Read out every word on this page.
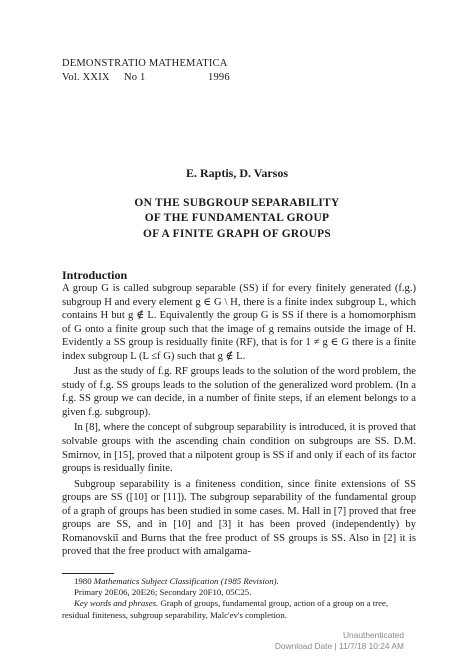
DEMONSTRATIO MATHEMATICA
Vol. XXIX No 1	1996
E. Raptis, D. Varsos
ON THE SUBGROUP SEPARABILITY
OF THE FUNDAMENTAL GROUP
OF A FINITE GRAPH OF GROUPS
Introduction

A group G is called subgroup separable (SS) if for every finitely generated (f.g.) subgroup H and every element g ∈ G \ H, there is a finite index subgroup L, which contains H but g ∉ L. Equivalently the group G is SS if there is a homomorphism of G onto a finite group such that the image of g remains outside the image of H. Evidently a SS group is residually finite (RF), that is for 1 ≠ g ∈ G there is a finite index subgroup L (L ≤f G) such that g ∉ L.

Just as the study of f.g. RF groups leads to the solution of the word problem, the study of f.g. SS groups leads to the solution of the generalized word problem. (In a f.g. SS group we can decide, in a number of finite steps, if an element belongs to a given f.g. subgroup).

In [8], where the concept of subgroup separability is introduced, it is proved that solvable groups with the ascending chain condition on subgroups are SS. D.M. Smirnov, in [15], proved that a nilpotent group is SS if and only if each of its factor groups is residually finite.

Subgroup separability is a finiteness condition, since finite extensions of SS groups are SS ([10] or [11]). The subgroup separability of the fundamental group of a graph of groups has been studied in some cases. M. Hall in [7] proved that free groups are SS, and in [10] and [3] it has been proved (independently) by Romanovskiĭ and Burns that the free product of SS groups is SS. Also in [2] it is proved that the free product with amalgama-

1980 Mathematics Subject Classification (1985 Revision).
Primary 20E06, 20E26; Secondary 20F10, 05C25.
Key words and phrases. Graph of groups, fundamental group, action of a group on a tree, residual finiteness, subgroup separability, Malc'ev's completion.
Unauthenticated
Download Date | 11/7/18 10:24 AM
